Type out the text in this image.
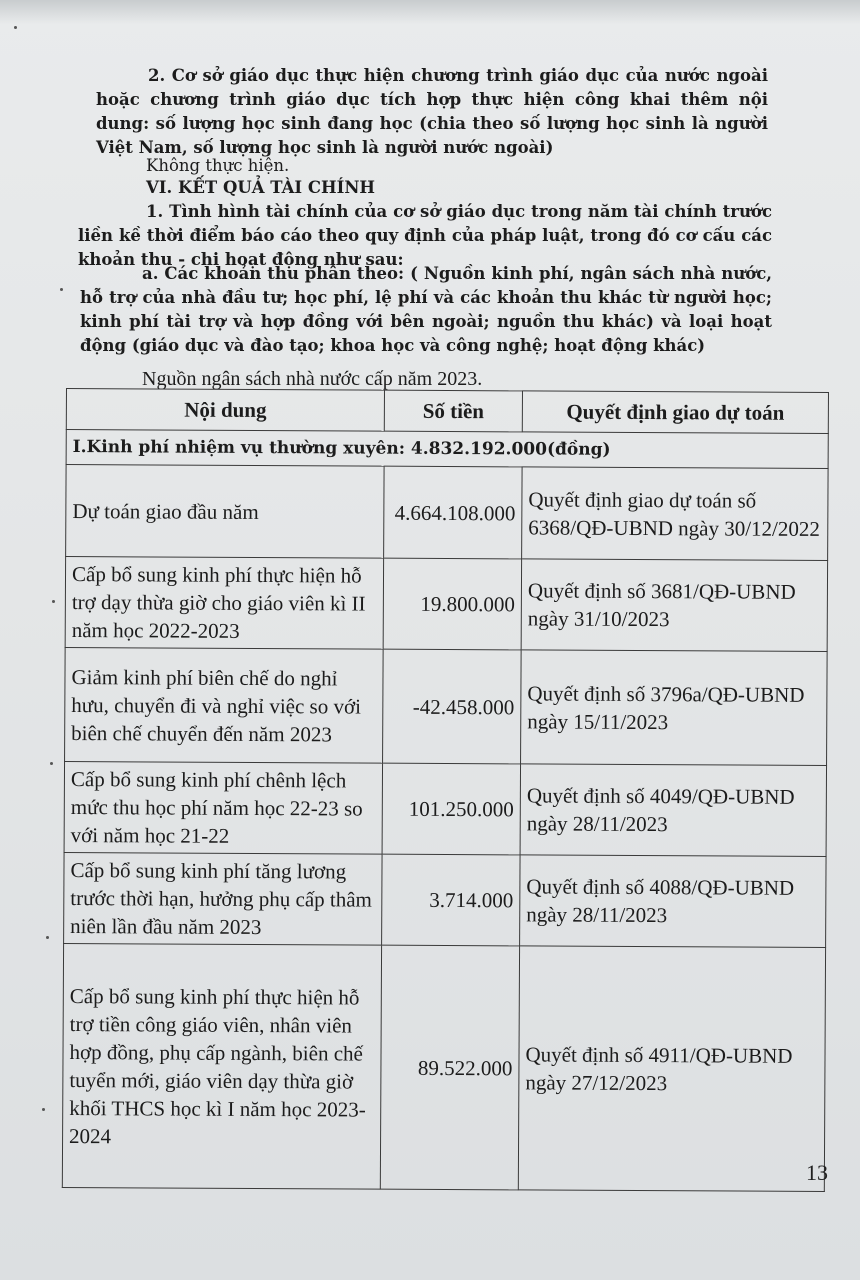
2. Cơ sở giáo dục thực hiện chương trình giáo dục của nước ngoài hoặc chương trình giáo dục tích hợp thực hiện công khai thêm nội dung: số lượng học sinh đang học (chia theo số lượng học sinh là người Việt Nam, số lượng học sinh là người nước ngoài)

Không thực hiện.

VI. KẾT QUẢ TÀI CHÍNH

1. Tình hình tài chính của cơ sở giáo dục trong năm tài chính trước liền kề thời điểm báo cáo theo quy định của pháp luật, trong đó cơ cấu các khoản thu - chi hoạt động như sau:

a. Các khoản thu phân theo: ( Nguồn kinh phí, ngân sách nhà nước, hỗ trợ của nhà đầu tư; học phí, lệ phí và các khoản thu khác từ người học; kinh phí tài trợ và hợp đồng với bên ngoài; nguồn thu khác) và loại hoạt động (giáo dục và đào tạo; khoa học và công nghệ; hoạt động khác)

Nguồn ngân sách nhà nước cấp năm 2023.
Nội dung	Số tiền	Quyết định giao dự toán
I.Kinh phí nhiệm vụ thường xuyên: 4.832.192.000(đồng)		
Dự toán giao đầu năm	4.664.108.000	Quyết định giao dự toán số 6368/QĐ-UBND ngày 30/12/2022
Cấp bổ sung kinh phí thực hiện hỗ trợ dạy thừa giờ cho giáo viên kì II năm học 2022-2023	19.800.000	Quyết định số 3681/QĐ-UBND ngày 31/10/2023
Giảm kinh phí biên chế do nghỉ hưu, chuyển đi và nghỉ việc so với biên chế chuyển đến năm 2023	-42.458.000	Quyết định số 3796a/QĐ-UBND ngày 15/11/2023
Cấp bổ sung kinh phí chênh lệch mức thu học phí năm học 22-23 so với năm học 21-22	101.250.000	Quyết định số 4049/QĐ-UBND ngày 28/11/2023
Cấp bổ sung kinh phí tăng lương trước thời hạn, hưởng phụ cấp thâm niên lần đầu năm 2023	3.714.000	Quyết định số 4088/QĐ-UBND ngày 28/11/2023
Cấp bổ sung kinh phí thực hiện hỗ trợ tiền công giáo viên, nhân viên hợp đồng, phụ cấp ngành, biên chế tuyển mới, giáo viên dạy thừa giờ khối THCS học kì I năm học 2023-2024	89.522.000	Quyết định số 4911/QĐ-UBND ngày 27/12/2023
13
